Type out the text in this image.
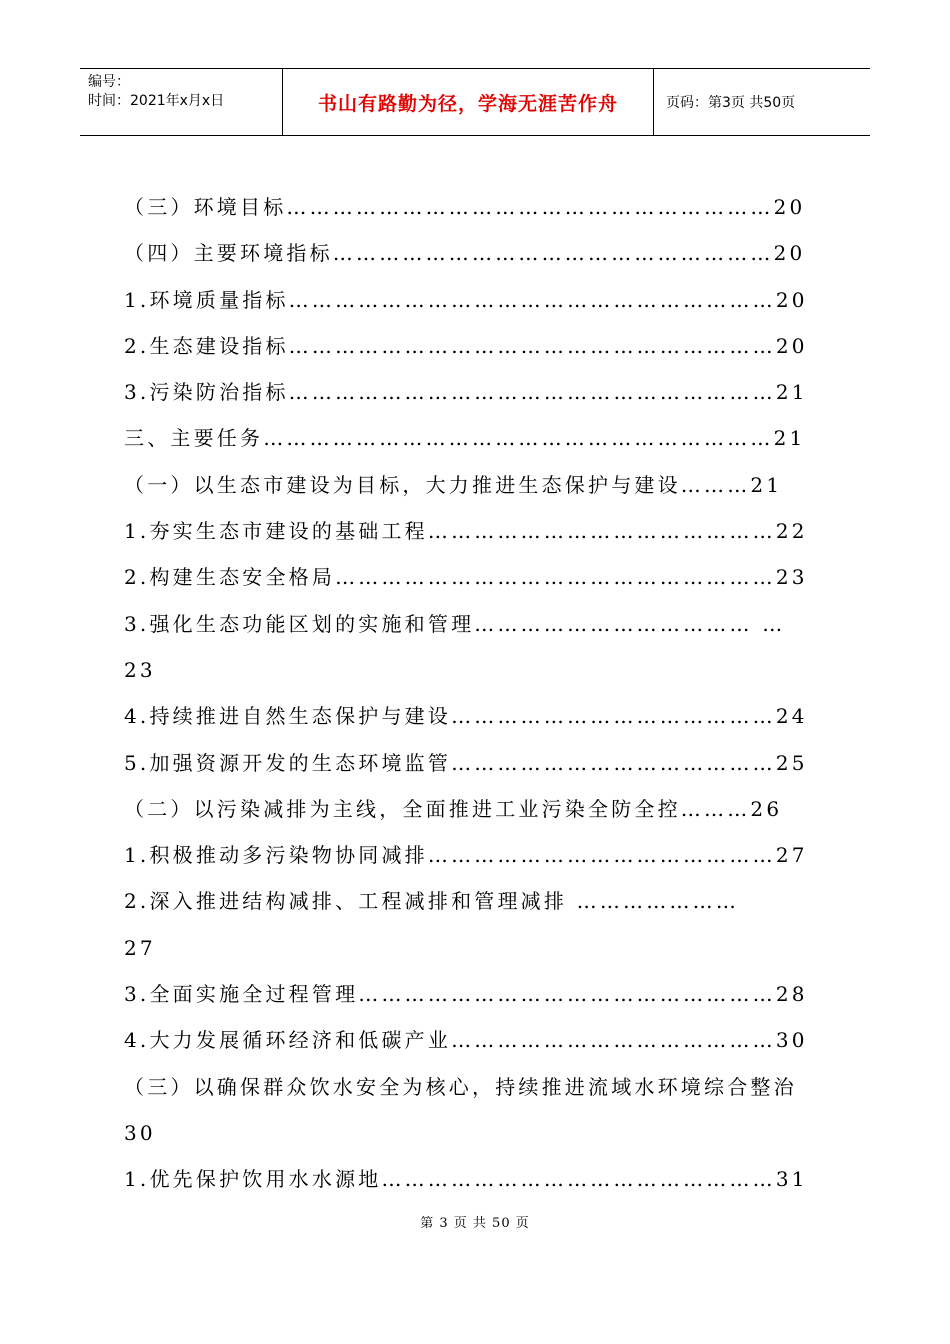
编号：
时间：2021年x月x日	书山有路勤为径，学海无涯苦作舟	页码：第3页 共50页
（三）环境目标………………………………………………………20
（四）主要环境指标…………………………………………………20
1.环境质量指标………………………………………………………20
2.生态建设指标………………………………………………………20
3.污染防治指标………………………………………………………21
三、主要任务…………………………………………………………21
（一）以生态市建设为目标，大力推进生态保护与建设………21
1.夯实生态市建设的基础工程………………………………………22
2.构建生态安全格局…………………………………………………23
3.强化生态功能区划的实施和管理……………………………… …
23
4.持续推进自然生态保护与建设……………………………………24
5.加强资源开发的生态环境监管……………………………………25
（二）以污染减排为主线，全面推进工业污染全防全控………26
1.积极推动多污染物协同减排………………………………………27
2.深入推进结构减排、工程减排和管理减排 …………………
27
3.全面实施全过程管理………………………………………………28
4.大力发展循环经济和低碳产业……………………………………30
（三）以确保群众饮水安全为核心，持续推进流域水环境综合整治
30
1.优先保护饮用水水源地……………………………………………31
第 3 页 共 50 页
